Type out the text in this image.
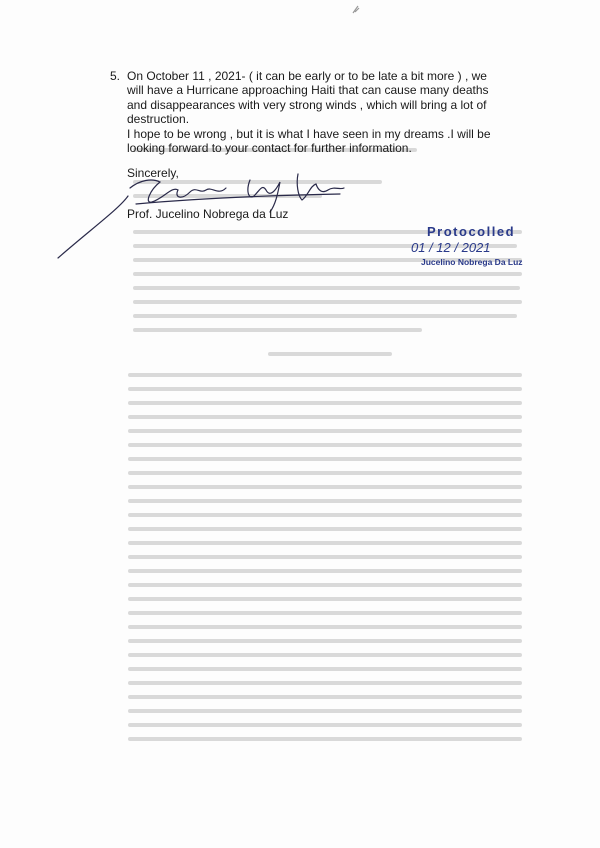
5. On October 11 , 2021- ( it can be early or to be late a bit more ) , we

will have a Hurricane approaching Haiti that can cause many deaths

and disappearances with very strong winds , which will bring a lot of

destruction.

I hope to be wrong , but it is what I have seen in my dreams .I will be

looking forward to your contact for further information.

Sincerely,
Prof. Jucelino Nobrega da Luz
Protocolled
01 / 12 / 2021
Jucelino Nobrega Da Luz
